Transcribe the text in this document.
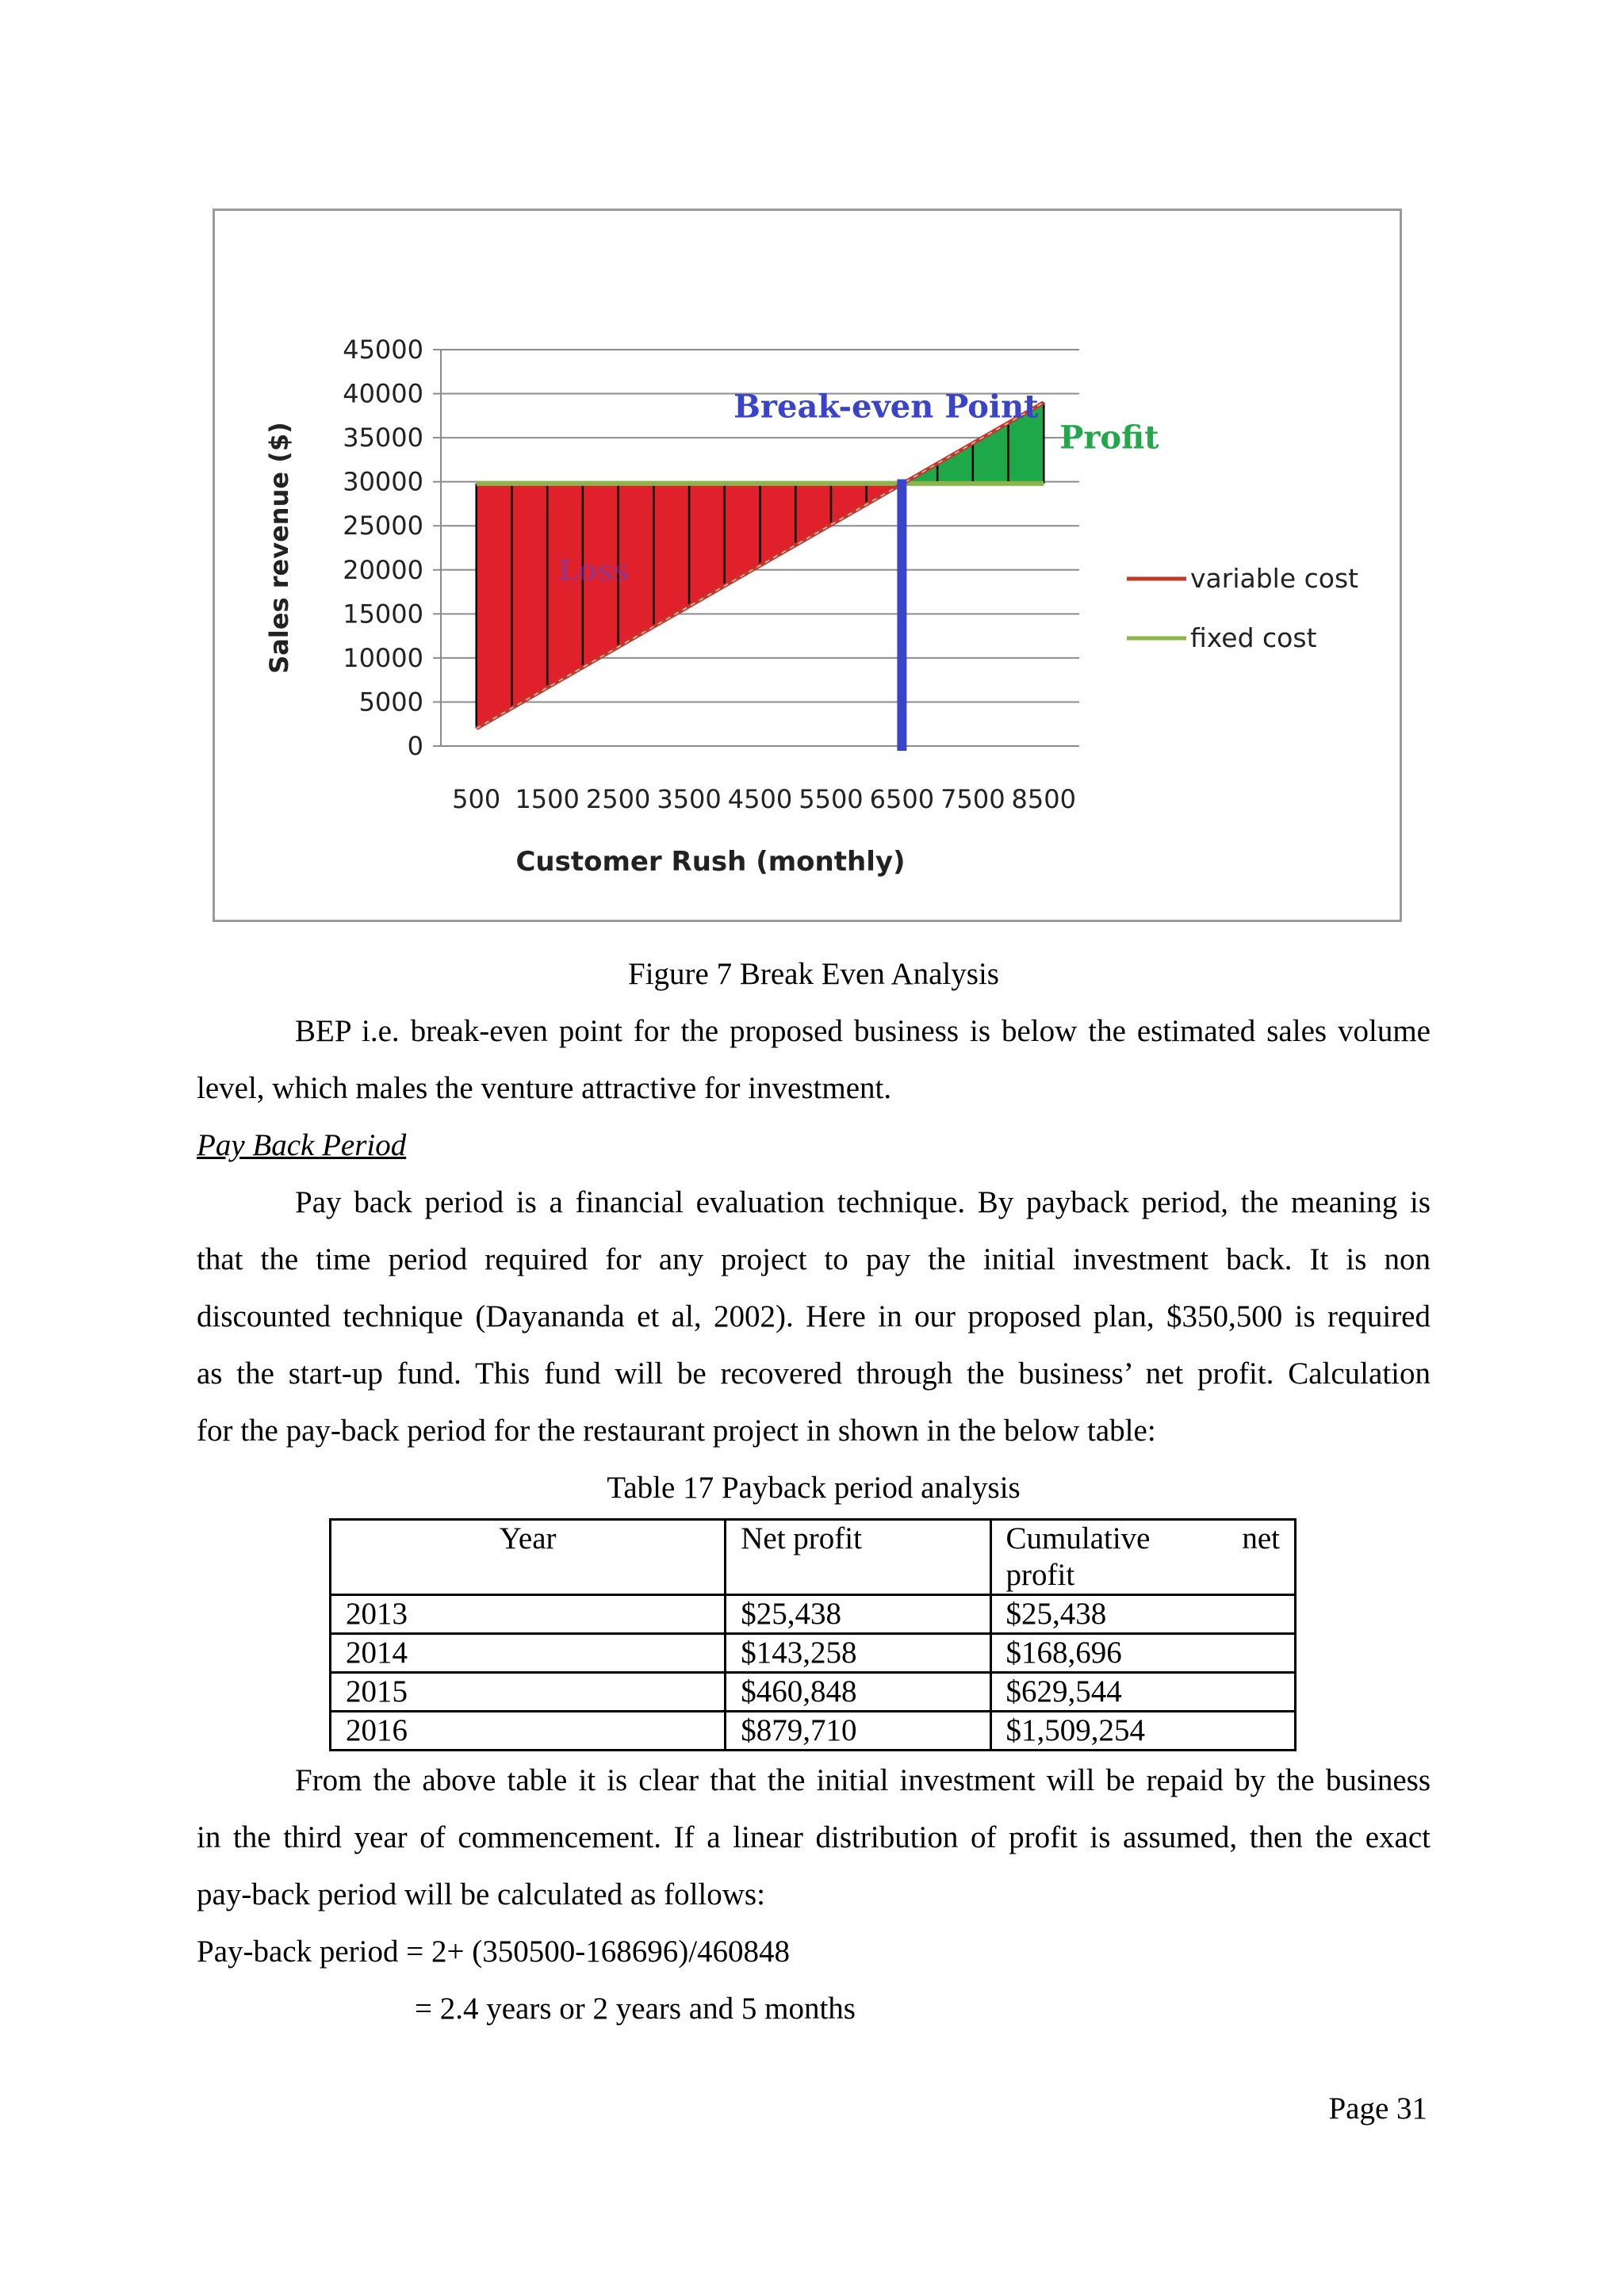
45000
40000
35000
30000
25000
20000
15000
10000
5000
0
500 1500 2500 3500 4500 5500 6500 7500 8500
Break-even Point
Profit
Loss
Customer Rush (monthly)
Sales revenue ($)	variable cost
fixed cost
Figure 7 Break Even Analysis
BEP i.e. break-even point for the proposed business is below the estimated sales volume
level, which males the venture attractive for investment.
Pay Back Period
Pay back period is a financial evaluation technique. By payback period, the meaning is
that the time period required for any project to pay the initial investment back. It is non
discounted technique (Dayananda et al, 2002). Here in our proposed plan, $350,500 is required
as the start-up fund. This fund will be recovered through the business’ net profit. Calculation
for the pay-back period for the restaurant project in shown in the below table:
Table 17 Payback period analysis
Year	Net profit	Cumulative net
profit

2013	$25,438	$25,438
2014	$143,258	$168,696
2015	$460,848	$629,544
2016	$879,710	$1,509,254
From the above table it is clear that the initial investment will be repaid by the business
in the third year of commencement. If a linear distribution of profit is assumed, then the exact
pay-back period will be calculated as follows:
Pay-back period = 2+ (350500-168696)/460848
= 2.4 years or 2 years and 5 months
Page 31
